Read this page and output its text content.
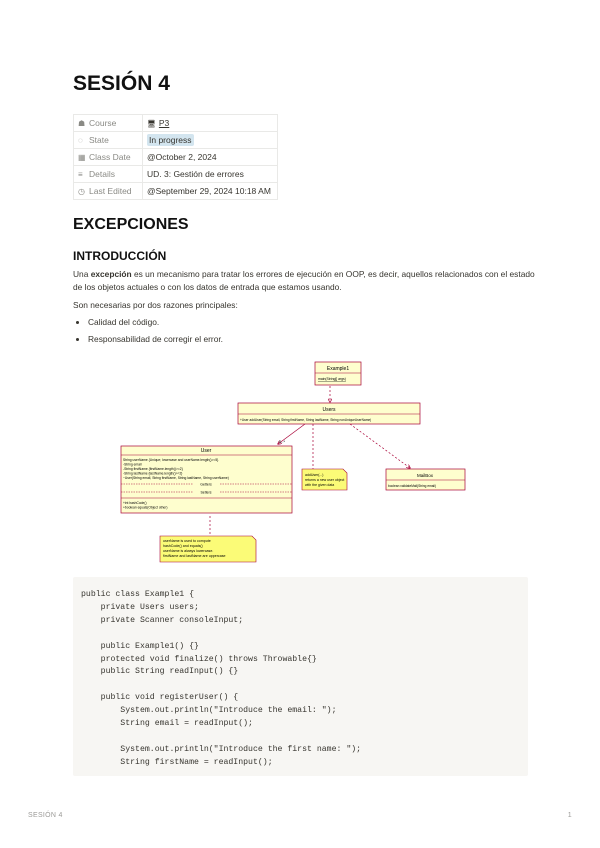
SESIÓN 4
☗ Course	🖥 P3
◌ State	In progress
▦ Class Date	@October 2, 2024
≡ Details	UD. 3: Gestión de errores
◷ Last Edited	@September 29, 2024 10:18 AM
EXCEPCIONES
INTRODUCCIÓN

Una excepción es un mecanismo para tratar los errores de ejecución en OOP, es decir, aquellos relacionados con el estado de los objetos actuales o con los datos de entrada que estamos usando.

Son necesarias por dos razones principales:

• Calidad del código.
• Responsabilidad de corregir el error.
Example1
main(String[] args)
Users
+User addUser(String email, String firstName, String lastName, String nonUniqueUserName)
0..*
User
String userName {Unique; lowercase and userName.length()>=5}
-String email
-String firstName {firstName.length()>=2}
-String lastName {lastName.length()>=2}
~User(String email, String firstName, String lastName, String userName)
Getters
Setters
+int hashCode()
+boolean equals(Object other)
addUser(...)
returns a new user object
with the given data
MailBox
boolean validateMail(String email)
userName is used to compute
hashCode() and equals()
userName is always lowercase.
firstName and lastName are uppercase
public class Example1 {
private Users users;
private Scanner consoleInput;
public Example1() {}
protected void finalize() throws Throwable{}
public String readInput() {}
public void registerUser() {
System.out.println("Introduce the email: ");
String email = readInput();
System.out.println("Introduce the first name: ");
String firstName = readInput();
SESIÓN 4	1
